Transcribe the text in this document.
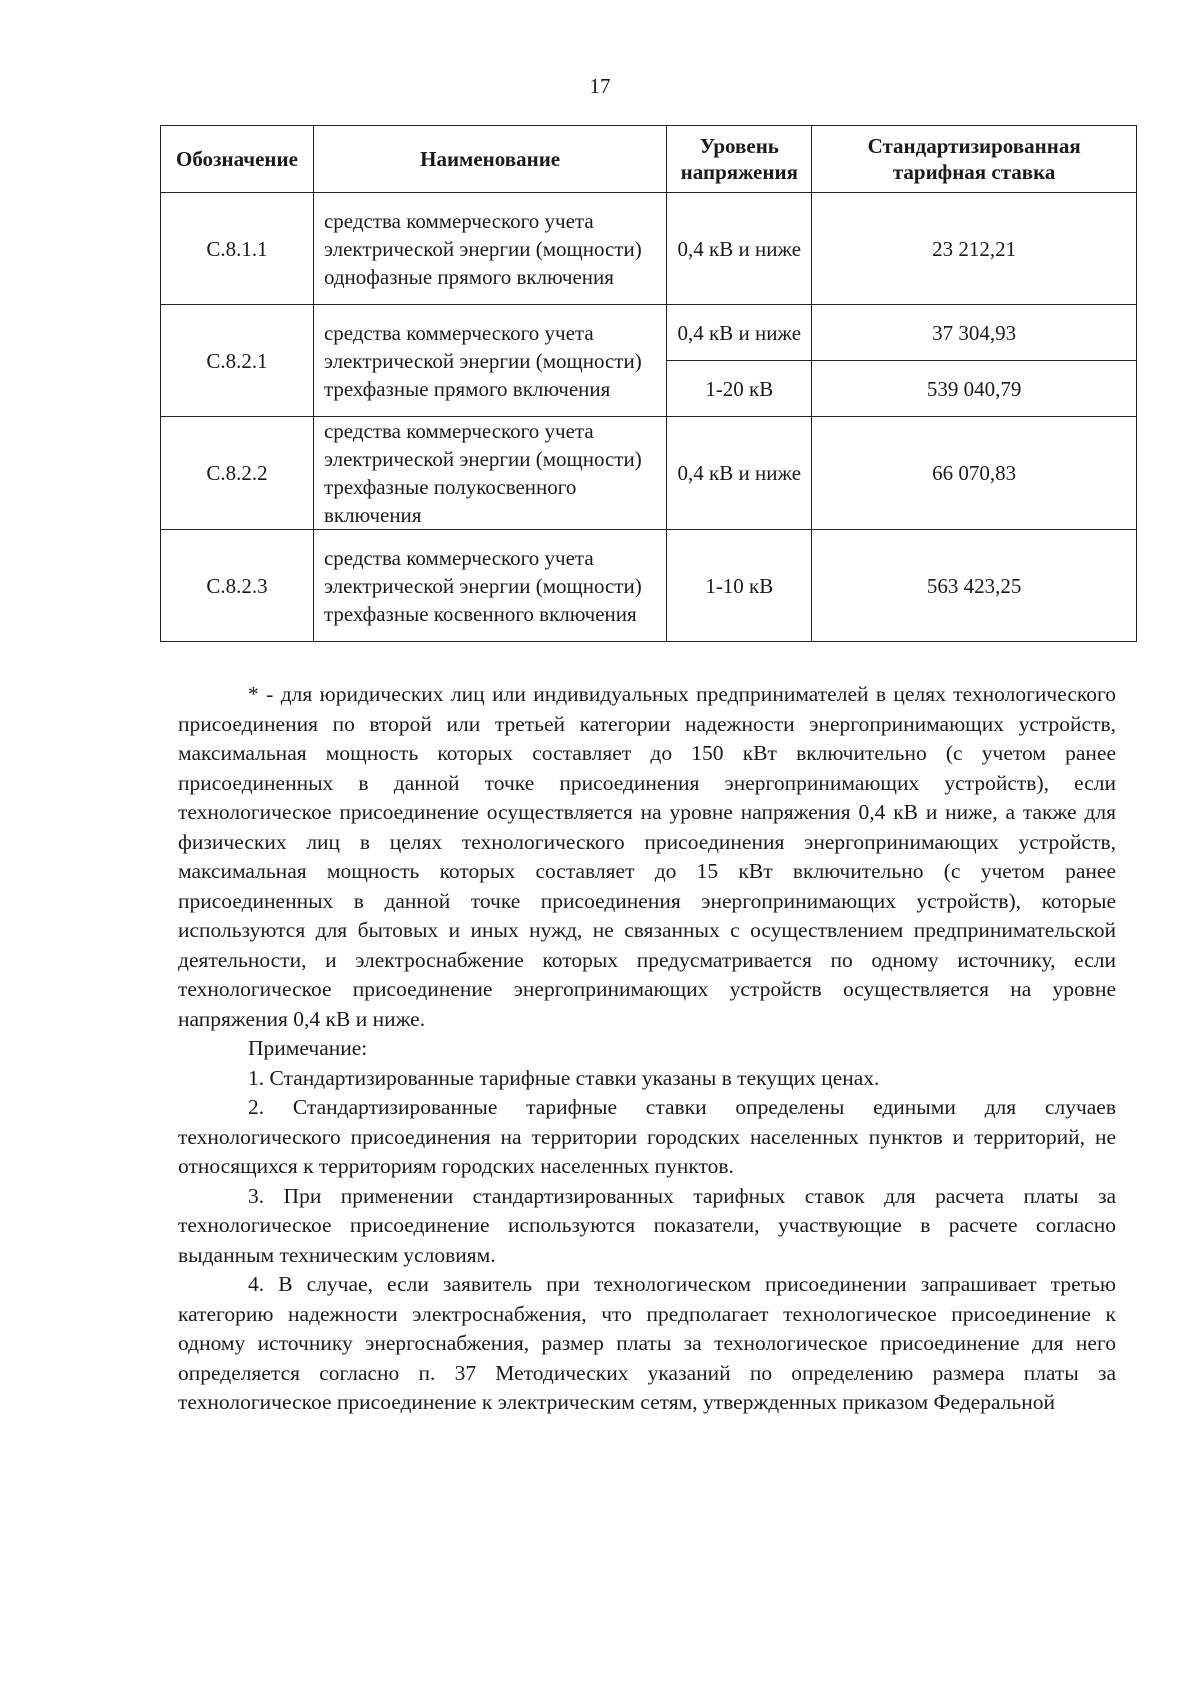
17
Обозначение	Наименование	Уровень напряжения	Стандартизированная тарифная ставка
С.8.1.1	средства коммерческого учета электрической энергии (мощности) однофазные прямого включения	0,4 кВ и ниже	23 212,21
С.8.2.1	средства коммерческого учета электрической энергии (мощности) трехфазные прямого включения	0,4 кВ и ниже	37 304,93
		1-20 кВ	539 040,79
С.8.2.2	средства коммерческого учета электрической энергии (мощности) трехфазные полукосвенного включения	0,4 кВ и ниже	66 070,83
С.8.2.3	средства коммерческого учета электрической энергии (мощности) трехфазные косвенного включения	1-10 кВ	563 423,25

* - для юридических лиц или индивидуальных предпринимателей в целях технологического присоединения по второй или третьей категории надежности энергопринимающих устройств, максимальная мощность которых составляет до 150 кВт включительно (с учетом ранее присоединенных в данной точке присоединения энергопринимающих устройств), если технологическое присоединение осуществляется на уровне напряжения 0,4 кВ и ниже, а также для физических лиц в целях технологического присоединения энергопринимающих устройств, максимальная мощность которых составляет до 15 кВт включительно (с учетом ранее присоединенных в данной точке присоединения энергопринимающих устройств), которые используются для бытовых и иных нужд, не связанных с осуществлением предпринимательской деятельности, и электроснабжение которых предусматривается по одному источнику, если технологическое присоединение энергопринимающих устройств осуществляется на уровне напряжения 0,4 кВ и ниже.

Примечание:

1. Стандартизированные тарифные ставки указаны в текущих ценах.

2. Стандартизированные тарифные ставки определены едиными для случаев технологического присоединения на территории городских населенных пунктов и территорий, не относящихся к территориям городских населенных пунктов.

3. При применении стандартизированных тарифных ставок для расчета платы за технологическое присоединение используются показатели, участвующие в расчете согласно выданным техническим условиям.

4. В случае, если заявитель при технологическом присоединении запрашивает третью категорию надежности электроснабжения, что предполагает технологическое присоединение к одному источнику энергоснабжения, размер платы за технологическое присоединение для него определяется согласно п. 37 Методических указаний по определению размера платы за технологическое присоединение к электрическим сетям, утвержденных приказом Федеральной
